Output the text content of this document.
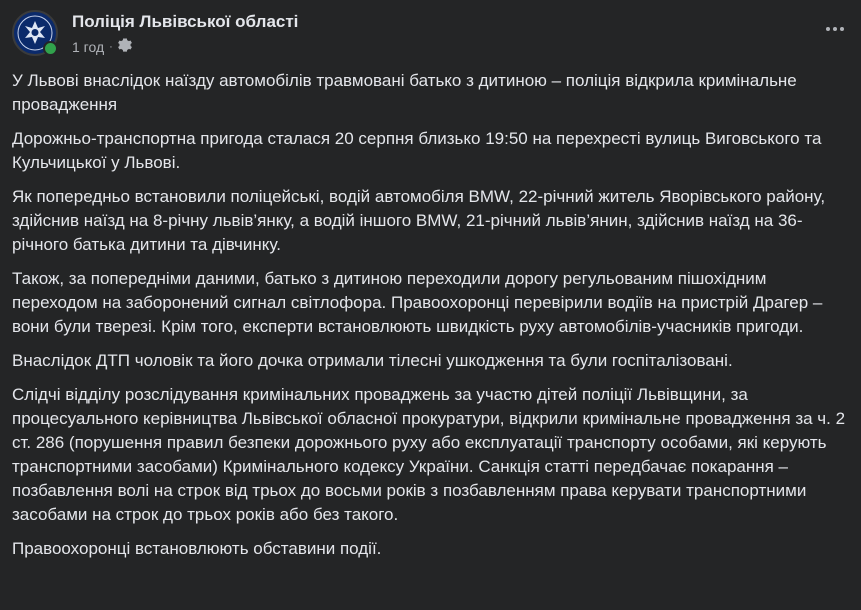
Поліція Львівської області
1 год ·

У Львові внаслідок наїзду автомобілів травмовані батько з дитиною – поліція відкрила кримінальне провадження

Дорожньо-транспортна пригода сталася 20 серпня близько 19:50 на перехресті вулиць Виговського та Кульчицької у Львові.

Як попередньо встановили поліцейські, водій автомобіля BMW, 22-річний житель Яворівського району, здійснив наїзд на 8-річну львів’янку, а водій іншого BMW, 21-річний львів’янин, здійснив наїзд на 36-річного батька дитини та дівчинку.

Також, за попередніми даними, батько з дитиною переходили дорогу регульованим пішохідним переходом на заборонений сигнал світлофора. Правоохоронці перевірили водіїв на пристрій Драгер – вони були тверезі. Крім того, експерти встановлюють швидкість руху автомобілів-учасників пригоди.

Внаслідок ДТП чоловік та його дочка отримали тілесні ушкодження та були госпіталізовані.

Слідчі відділу розслідування кримінальних проваджень за участю дітей поліції Львівщини, за процесуального керівництва Львівської обласної прокуратури, відкрили кримінальне провадження за ч. 2 ст. 286 (порушення правил безпеки дорожнього руху або експлуатації транспорту особами, які керують транспортними засобами) Кримінального кодексу України. Санкція статті передбачає покарання – позбавлення волі на строк від трьох до восьми років з позбавленням права керувати транспортними засобами на строк до трьох років або без такого.

Правоохоронці встановлюють обставини події.
